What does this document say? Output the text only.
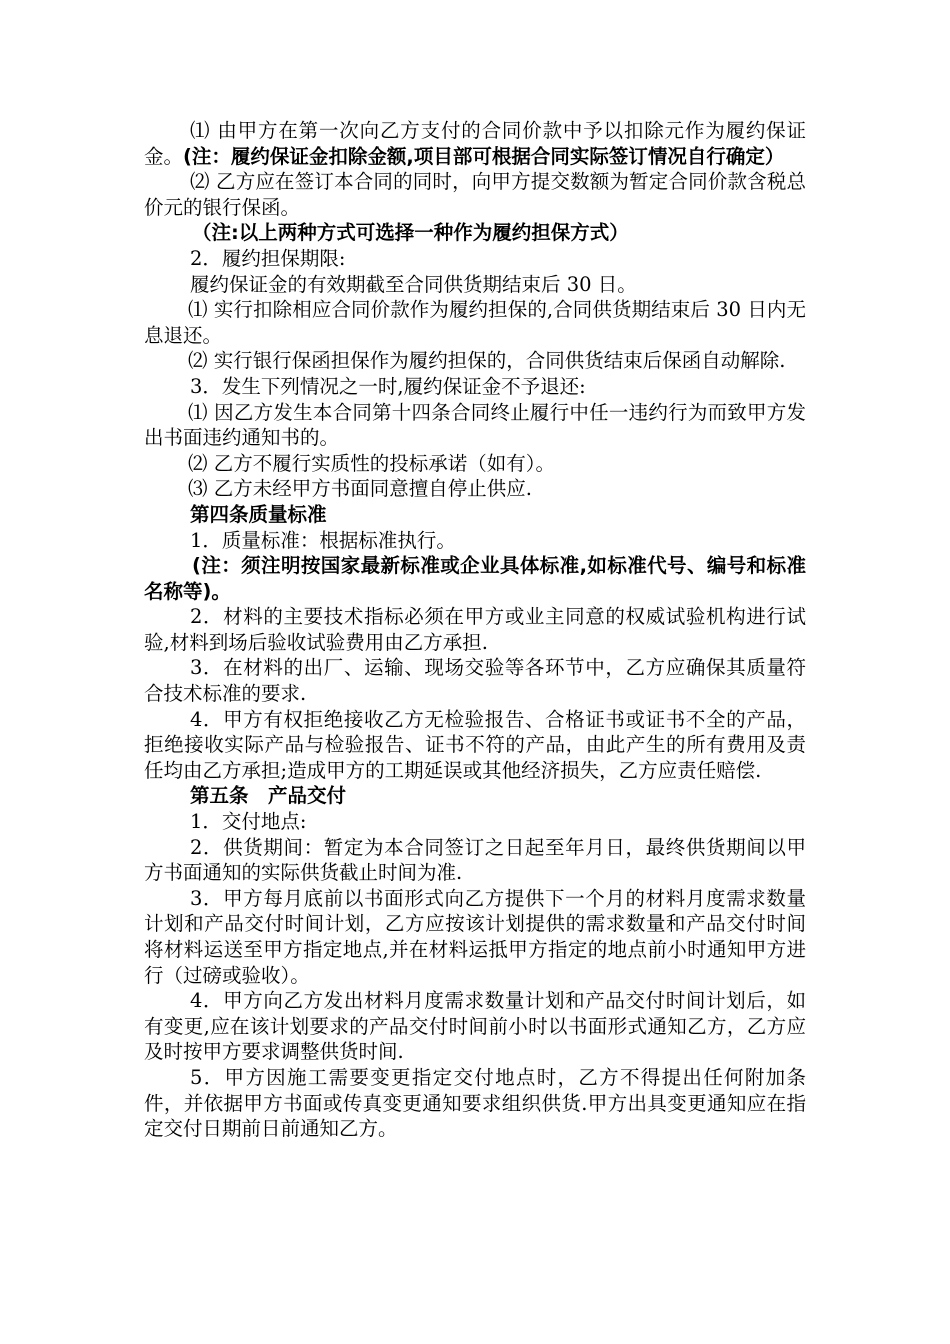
⑴ 由甲方在第一次向乙方支付的合同价款中予以扣除元作为履约保证金。(注：履约保证金扣除金额,项目部可根据合同实际签订情况自行确定）

⑵ 乙方应在签订本合同的同时，向甲方提交数额为暂定合同价款含税总价元的银行保函。

（注:以上两种方式可选择一种作为履约担保方式）

2．履约担保期限:

履约保证金的有效期截至合同供货期结束后 30 日。

⑴ 实行扣除相应合同价款作为履约担保的,合同供货期结束后 30 日内无息退还。

⑵ 实行银行保函担保作为履约担保的，合同供货结束后保函自动解除.

3．发生下列情况之一时,履约保证金不予退还:

⑴ 因乙方发生本合同第十四条合同终止履行中任一违约行为而致甲方发出书面违约通知书的。

⑵ 乙方不履行实质性的投标承诺（如有）。

⑶ 乙方未经甲方书面同意擅自停止供应.

第四条质量标准

1．质量标准：根据标准执行。

(注：须注明按国家最新标准或企业具体标准,如标准代号、编号和标准名称等)。

2．材料的主要技术指标必须在甲方或业主同意的权威试验机构进行试验,材料到场后验收试验费用由乙方承担.

3．在材料的出厂、运输、现场交验等各环节中，乙方应确保其质量符合技术标准的要求.

4．甲方有权拒绝接收乙方无检验报告、合格证书或证书不全的产品，拒绝接收实际产品与检验报告、证书不符的产品，由此产生的所有费用及责任均由乙方承担;造成甲方的工期延误或其他经济损失，乙方应责任赔偿.

第五条　产品交付

1．交付地点:

2．供货期间：暂定为本合同签订之日起至年月日，最终供货期间以甲方书面通知的实际供货截止时间为准.

3．甲方每月底前以书面形式向乙方提供下一个月的材料月度需求数量计划和产品交付时间计划，乙方应按该计划提供的需求数量和产品交付时间将材料运送至甲方指定地点,并在材料运抵甲方指定的地点前小时通知甲方进行（过磅或验收）。

4．甲方向乙方发出材料月度需求数量计划和产品交付时间计划后，如有变更,应在该计划要求的产品交付时间前小时以书面形式通知乙方，乙方应及时按甲方要求调整供货时间.

5．甲方因施工需要变更指定交付地点时，乙方不得提出任何附加条件，并依据甲方书面或传真变更通知要求组织供货.甲方出具变更通知应在指定交付日期前日前通知乙方。
